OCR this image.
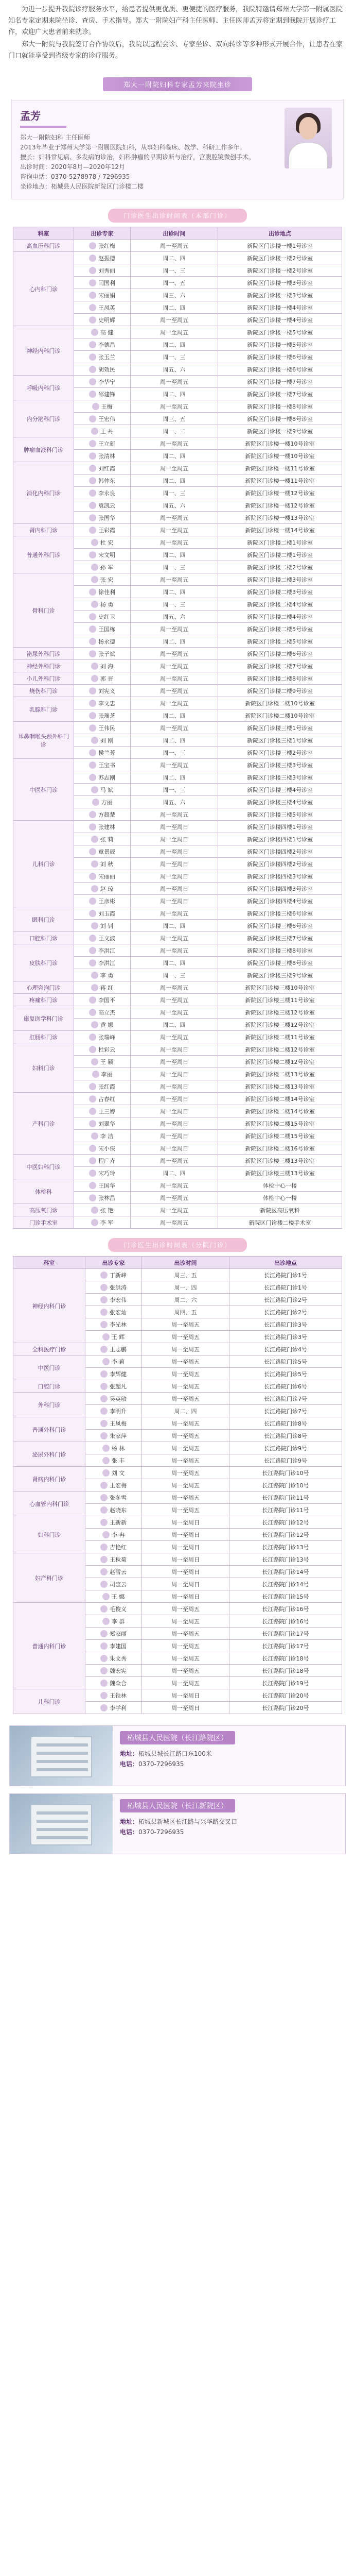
为进一步提升我院诊疗服务水平，给患者提供更优质、更便捷的医疗服务，我院特邀请郑州大学第一附属医院知名专家定期来院坐诊、查房、手术指导。郑大一附院妇产科主任医师、主任医师孟芳将定期到我院开展诊疗工作，欢迎广大患者前来就诊。

郑大一附院与我院签订合作协议后，我院以远程会诊、专家坐诊、双向转诊等多种形式开展合作，让患者在家门口就能享受到省级专家的诊疗服务。

郑大一附院妇科专家孟芳来院坐诊
孟芳
郑大一附院妇科 主任医师
2013年毕业于郑州大学第一附属医院妇科，从事妇科临床、教学、科研工作多年。
擅长：妇科常见病、多发病的诊治，妇科肿瘤的早期诊断与治疗，宫腹腔镜微创手术。
出诊时间：2020年8月—2020年12月
咨询电话：0370-5278978 / 7296935
坐诊地点：柘城县人民医院新院区门诊楼二楼
门诊医生出诊时间表（本部门诊）
科室	出诊专家	出诊时间	出诊地点
高血压科门诊	张红梅	周一至周五	新院区门诊楼一楼1号诊室
心内科门诊	赵振德	周二、四	新院区门诊楼一楼2号诊室

	刘秀丽	周一、三	新院区门诊楼一楼2号诊室

	闫国利	周一、五	新院区门诊楼一楼3号诊室

	宋丽娟	周三、六	新院区门诊楼一楼3号诊室

	王凤英	周二、四	新院区门诊楼一楼4号诊室

	史明辉	周一至周五	新院区门诊楼一楼4号诊室
神经内科门诊	高 健	周一至周五	新院区门诊楼一楼5号诊室

	李德昌	周二、四	新院区门诊楼一楼5号诊室

	张玉兰	周一、三	新院区门诊楼一楼6号诊室

	胡效民	周五、六	新院区门诊楼一楼6号诊室
呼吸内科门诊	李华宁	周一至周五	新院区门诊楼一楼7号诊室

	邵建锋	周二、四	新院区门诊楼一楼7号诊室
内分泌科门诊	王梅	周一至周五	新院区门诊楼一楼8号诊室

	王宏伟	周三、五	新院区门诊楼一楼8号诊室

	王 丹	周一、二	新院区门诊楼一楼9号诊室
肿瘤血液科门诊	王立新	周一至周五	新院区门诊楼一楼10号诊室

	张清林	周二、四	新院区门诊楼一楼10号诊室
消化内科门诊	刘红霞	周一至周五	新院区门诊楼一楼11号诊室

	韩仲东	周二、四	新院区门诊楼一楼11号诊室

	李永良	周一、三	新院区门诊楼一楼12号诊室

	袁凯云	周五、六	新院区门诊楼一楼12号诊室

	张国华	周一至周五	新院区门诊楼一楼13号诊室
肾内科门诊	王彩霞	周一至周五	新院区门诊楼一楼14号诊室
普通外科门诊	杜 宏	周一至周五	新院区门诊楼二楼1号诊室

	宋文明	周二、四	新院区门诊楼二楼1号诊室

	孙 军	周一、三	新院区门诊楼二楼2号诊室
骨科门诊	张 宏	周一至周五	新院区门诊楼二楼3号诊室

	徐佳利	周二、四	新院区门诊楼二楼3号诊室

	杨 勇	周一、三	新院区门诊楼二楼4号诊室

	史红卫	周五、六	新院区门诊楼二楼4号诊室

	王国栋	周一至周五	新院区门诊楼二楼5号诊室

	杨永德	周二、四	新院区门诊楼二楼5号诊室
泌尿外科门诊	张子斌	周一至周五	新院区门诊楼二楼6号诊室
神经外科门诊	刘 海	周一至周五	新院区门诊楼二楼7号诊室
小儿外科门诊	郭 晋	周一至周五	新院区门诊楼二楼8号诊室
烧伤科门诊	刘宪义	周一至周五	新院区门诊楼二楼9号诊室
乳腺科门诊	李文忠	周一至周五	新院区门诊楼二楼10号诊室

	张瑞芝	周二、四	新院区门诊楼二楼10号诊室
耳鼻咽喉头颈外科门诊	王伟民	周一至周五	新院区门诊楼三楼1号诊室

	刘 刚	周二、四	新院区门诊楼三楼1号诊室

	侯兰芳	周一、三	新院区门诊楼三楼2号诊室
中医科门诊	王宝书	周一至周五	新院区门诊楼三楼3号诊室

	苏志刚	周二、四	新院区门诊楼三楼3号诊室

	马 斌	周一、三	新院区门诊楼三楼4号诊室

	方丽	周五、六	新院区门诊楼三楼4号诊室

	方超楚	周一至周五	新院区门诊楼三楼5号诊室
儿科门诊	张建林	周一至周日	新院区门诊楼四楼1号诊室

	张 莉	周一至周日	新院区门诊楼四楼1号诊室

	章景辰	周一至周日	新院区门诊楼四楼2号诊室

	刘 秋	周一至周日	新院区门诊楼四楼2号诊室

	宋丽丽	周一至周日	新院区门诊楼四楼3号诊室

	赵 琼	周一至周日	新院区门诊楼四楼3号诊室

	王彦彬	周一至周日	新院区门诊楼四楼4号诊室
眼科门诊	刘玉霞	周一至周五	新院区门诊楼三楼6号诊室

	刘 钊	周二、四	新院区门诊楼三楼6号诊室
口腔科门诊	王文波	周一至周五	新院区门诊楼三楼7号诊室
皮肤科门诊	李洪江	周一至周五	新院区门诊楼三楼8号诊室

	李洪江	周二、四	新院区门诊楼三楼8号诊室

	李 勇	周一、三	新院区门诊楼三楼9号诊室
心理咨询门诊	蒋 红	周一至周五	新院区门诊楼三楼10号诊室
疼痛科门诊	李国平	周一至周五	新院区门诊楼三楼11号诊室
康复医学科门诊	高立杰	周一至周五	新院区门诊楼三楼12号诊室

	黄 娜	周二、四	新院区门诊楼三楼12号诊室
肛肠科门诊	张瑞峰	周一至周五	新院区门诊楼二楼11号诊室
妇科门诊	杜彩云	周一至周日	新院区门诊楼二楼12号诊室

	王 颖	周一至周日	新院区门诊楼二楼12号诊室

	李丽	周一至周日	新院区门诊楼二楼13号诊室

	张红霞	周一至周日	新院区门诊楼二楼13号诊室
产科门诊	占春红	周一至周日	新院区门诊楼二楼14号诊室

	王三婷	周一至周日	新院区门诊楼二楼14号诊室

	刘翠华	周一至周日	新院区门诊楼二楼15号诊室

	李 洁	周一至周日	新院区门诊楼二楼15号诊室

	宋小侠	周一至周日	新院区门诊楼二楼16号诊室
中医妇科门诊	程广卉	周一至周五	新院区门诊楼三楼13号诊室

	宋巧玲	周二、四	新院区门诊楼三楼13号诊室
体检科	王国华	周一至周五	体检中心一楼

	张林昌	周一至周五	体检中心一楼
高压氧门诊	张 艳	周一至周五	新院区高压氧科
门诊手术室	李 军	周一至周五	新院区门诊楼二楼手术室
门诊医生出诊时间表（分院门诊）
科室	出诊专家	出诊时间	出诊地点
神经内科门诊	丁新峰	周三、五	长江路院门诊1号

	张洪涛	周一、四	长江路院门诊1号

	李宏伟	周二、六	长江路院门诊2号

	张宏灿	周四、五	长江路院门诊2号

	李光林	周一至周五	长江路院门诊3号

	王 辉	周一至周五	长江路院门诊3号
全科医疗门诊	王志鹏	周一至周五	长江路院门诊4号
中医门诊	李 莉	周一至周五	长江路院门诊5号

	李辉健	周一至周五	长江路院门诊5号
口腔门诊	张超凡	周一至周五	长江路院门诊6号
外科门诊	吴英敏	周一至周五	长江路院门诊7号

	李明升	周二、四	长江路院门诊7号
普通外科门诊	王凤梅	周一至周五	长江路院门诊8号

	朱家萍	周一至周五	长江路院门诊8号
泌尿外科门诊	杨 林	周一至周五	长江路院门诊9号

	张 丰	周一至周五	长江路院门诊9号
肾病内科门诊	刘 文	周一至周五	长江路院门诊10号

	王宏梅	周一至周五	长江路院门诊10号
心血管内科门诊	张冬雪	周一至周五	长江路院门诊11号

	赵晓东	周一至周五	长江路院门诊11号
妇科门诊	王新新	周一至周日	长江路院门诊12号

	李 冉	周一至周日	长江路院门诊12号

	吉艳红	周一至周日	长江路院门诊13号
妇产科门诊	王秋菊	周一至周日	长江路院门诊13号

	赵雪云	周一至周日	长江路院门诊14号

	司宝云	周一至周日	长江路院门诊14号

	王 娜	周一至周日	长江路院门诊15号
普通内科门诊	毛俊义	周一至周五	长江路院门诊16号

	李 群	周一至周五	长江路院门诊16号

	郑家丽	周一至周五	长江路院门诊17号

	李建国	周一至周五	长江路院门诊17号

	朱文秀	周一至周五	长江路院门诊18号

	魏宏宪	周一至周五	长江路院门诊18号

	魏众合	周一至周五	长江路院门诊19号
儿科门诊	王铁林	周一至周日	长江路院门诊20号

	李学利	周一至周日	长江路院门诊20号
柘城县人民医院（长江路院区）
地址：柘城县城长江路口东100米
电话：0370-7296935
柘城县人民医院（长江新院区）
地址：柘城县新城区长江路与兴华路交叉口
电话：0370-7296935
